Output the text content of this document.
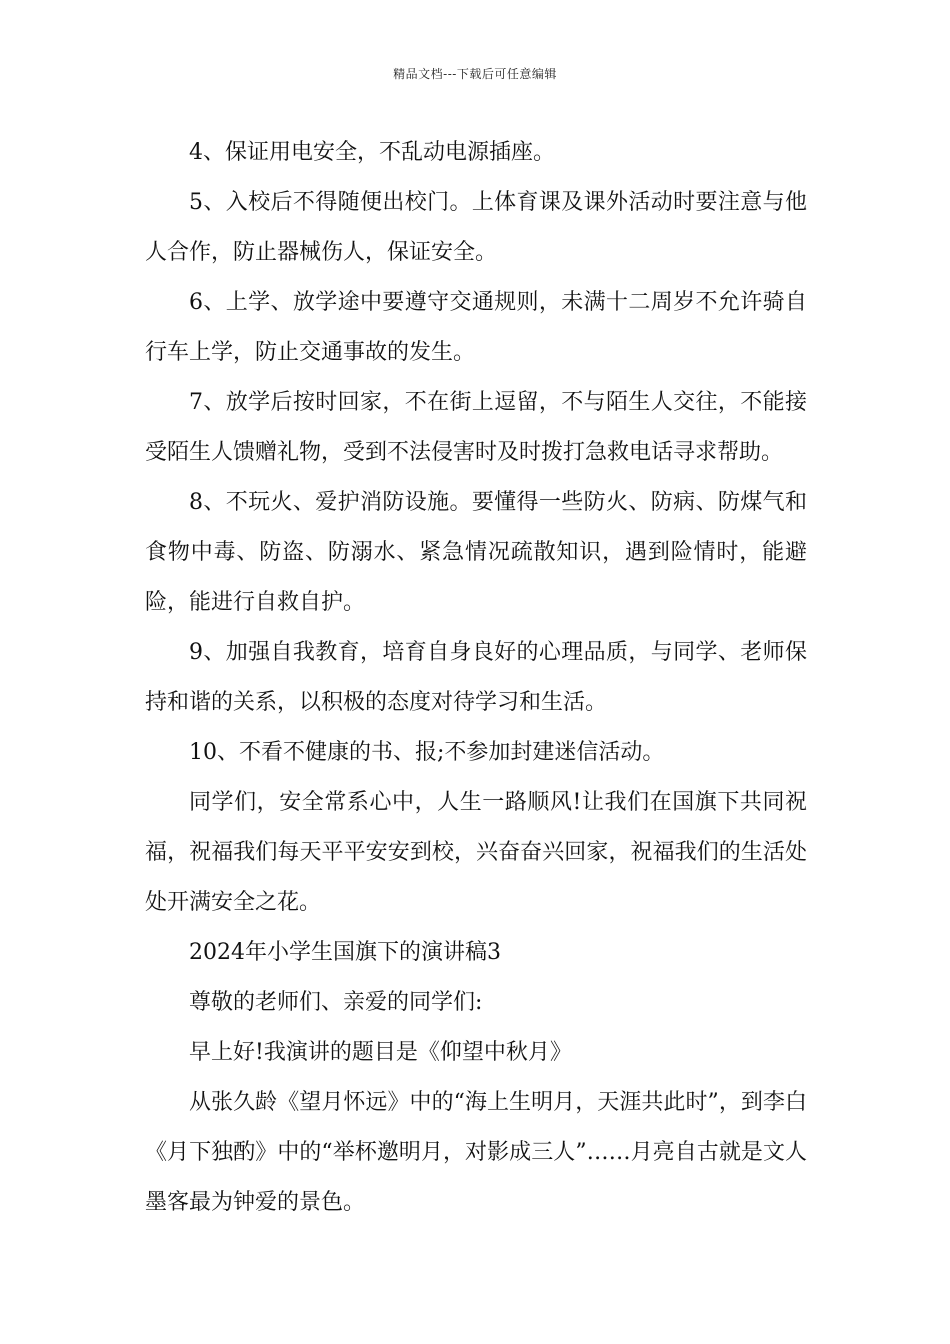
精品文档---下载后可任意编辑

4、保证用电安全，不乱动电源插座。

5、入校后不得随便出校门。上体育课及课外活动时要注意与他人合作，防止器械伤人，保证安全。

6、上学、放学途中要遵守交通规则，未满十二周岁不允许骑自行车上学，防止交通事故的发生。

7、放学后按时回家，不在街上逗留，不与陌生人交往，不能接受陌生人馈赠礼物，受到不法侵害时及时拨打急救电话寻求帮助。

8、不玩火、爱护消防设施。要懂得一些防火、防病、防煤气和食物中毒、防盗、防溺水、紧急情况疏散知识，遇到险情时，能避险，能进行自救自护。

9、加强自我教育，培育自身良好的心理品质，与同学、老师保持和谐的关系，以积极的态度对待学习和生活。

10、不看不健康的书、报;不参加封建迷信活动。

同学们，安全常系心中，人生一路顺风!让我们在国旗下共同祝福，祝福我们每天平平安安到校，兴奋奋兴回家，祝福我们的生活处处开满安全之花。

2024年小学生国旗下的演讲稿3

尊敬的老师们、亲爱的同学们:

早上好!我演讲的题目是《仰望中秋月》

从张久龄《望月怀远》中的“海上生明月，天涯共此时”，到李白《月下独酌》中的“举杯邀明月，对影成三人”……月亮自古就是文人墨客最为钟爱的景色。
